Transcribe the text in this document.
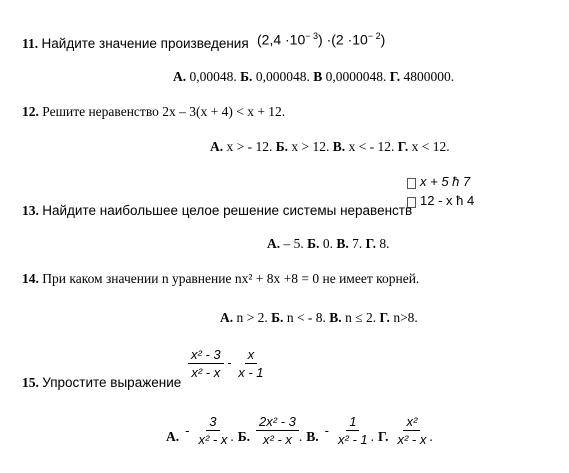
11. Найдите значение произведения $(2,4 \cdot 10^{- 3}) \cdot(2 \cdot 10^{- 2})$
А. 0,00048. Б. 0,000048. В 0,0000048. Г. 4800000.
12. Решите неравенство 2x – 3(x + 4) < x + 12.
А. x > - 12. Б. x > 12. В. x < - 12. Г. x < 12.
x + 5 ħ 7
12 - x ħ 4
13. Найдите наибольшее целое решение системы неравенств
А. – 5. Б. 0. В. 7. Г. 8.
14. При каком значении n уравнение nx² + 8x +8 = 0 не имеет корней.
А. n > 2. Б. n < - 8. В. n ≤ 2. Г. n>8.
15. Упростите выражение
$\frac{\text{x² - 3}}{\text{x² - x}} - \frac{x}{x - 1}$
А. - $\frac{3}{\text{x² - x}}$ . Б. $\frac{\text{2x² - 3}}{\text{x² - x}}$ . В. - $\frac{1}{\text{x² - 1}}$ . Г. $\frac{\text{x²}}{\text{x² - x}}$ .
